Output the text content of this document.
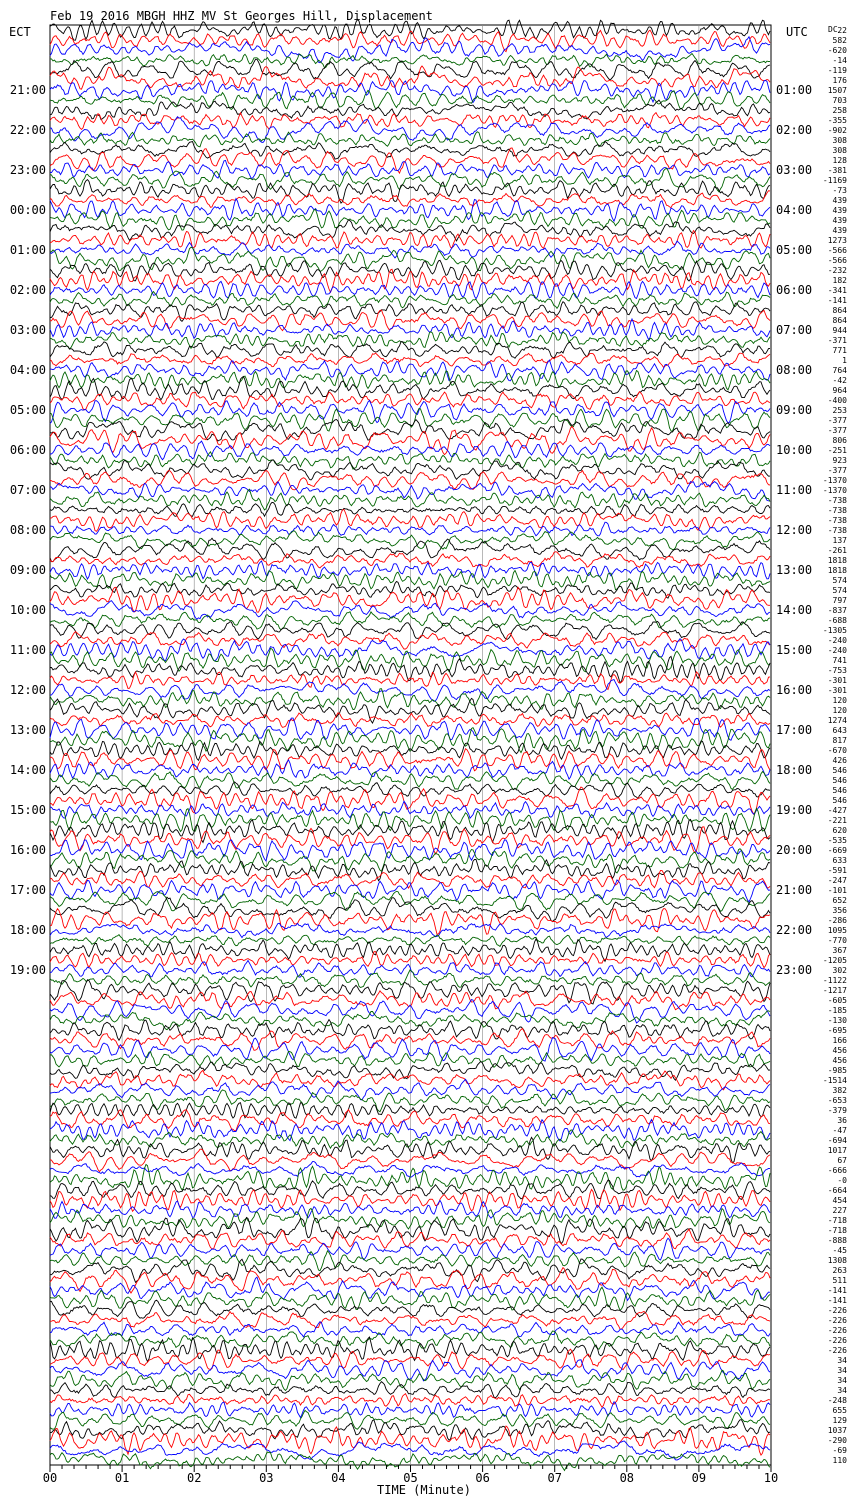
Feb 19 2016 MBGH HHZ MV St Georges Hill, Displacement
ECT	UTC	DC
21:00
22:00
23:00
00:00
01:00
02:00
03:00
04:00
05:00
06:00
07:00
08:00
09:00
10:00
11:00
12:00
13:00
14:00
15:00
16:00
17:00
18:00
19:00
01:00
02:00
03:00
04:00
05:00
06:00
07:00
08:00
09:00
10:00
11:00
12:00
13:00
14:00
15:00
16:00
17:00
18:00
19:00
20:00
21:00
22:00
23:00
22
582
-620
-14
-119
176
1507
703
258
-355
-902
308
308
128
-381
-1169
-73
439
439
439
439
1273
-566
-566
-232
182
-341
-141
864
864
944
-371
771
1
764
-42
964
-400
253
-377
-377
806
-251
923
-377
-1370
-1370
-738
-738
-738
-738
137
-261
1818
1818
574
574
797
-837
-688
-1305
-240
-240
741
-753
-301
-301
120
120
1274
643
817
-670
426
546
546
546
546
-427
-221
620
-535
-669
633
-591
-247
-101
652
356
-286
1095
-770
367
-1205
302
-1122
-1217
-605
-185
-130
-695
166
456
456
-985
-1514
382
-653
-379
36
-47
-694
1017
67
-666
-0
-664
454
227
-718
-718
-888
-45
1308
263
511
-141
-141
-226
-226
-226
-226
-226
34
34
34
34
-248
655
129
1037
-290
-69
110
00	01	02	03	04	05	06	07	08	09	10
TIME (Minute)
